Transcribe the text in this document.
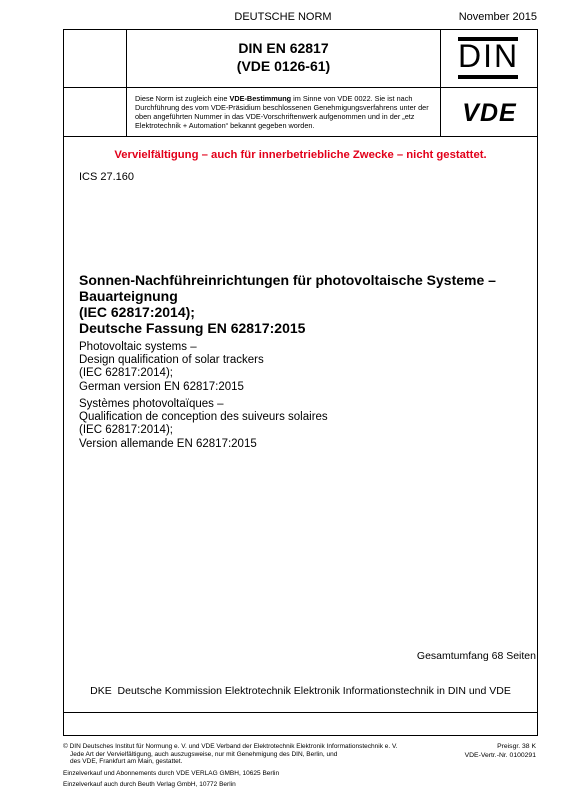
DEUTSCHE NORM	November 2015
DIN EN 62817
(VDE 0126-61)	DIN
Diese Norm ist zugleich eine VDE-Bestimmung im Sinne von VDE 0022. Sie ist nach Durchführung des vom VDE-Präsidium beschlossenen Genehmigungsverfahrens unter der oben angeführten Nummer in das VDE-Vorschriftenwerk aufgenommen und in der „etz Elektrotechnik + Automation“ bekannt gegeben worden.	VDE
Vervielfältigung – auch für innerbetriebliche Zwecke – nicht gestattet.
ICS 27.160
Sonnen-Nachführeinrichtungen für photovoltaische Systeme –
Bauarteignung
(IEC 62817:2014);
Deutsche Fassung EN 62817:2015
Photovoltaic systems –
Design qualification of solar trackers
(IEC 62817:2014);
German version EN 62817:2015
Systèmes photovoltaïques –
Qualification de conception des suiveurs solaires
(IEC 62817:2014);
Version allemande EN 62817:2015
Gesamtumfang 68 Seiten
DKE  Deutsche Kommission Elektrotechnik Elektronik Informationstechnik in DIN und VDE
© DIN Deutsches Institut für Normung e. V. und VDE Verband der Elektrotechnik Elektronik Informationstechnik e. V.
Jede Art der Vervielfältigung, auch auszugsweise, nur mit Genehmigung des DIN, Berlin, und
des VDE, Frankfurt am Main, gestattet.
Preisgr. 38 K
VDE-Vertr.-Nr. 0100291
Einzelverkauf und Abonnements durch VDE VERLAG GMBH, 10625 Berlin
Einzelverkauf auch durch Beuth Verlag GmbH, 10772 Berlin
